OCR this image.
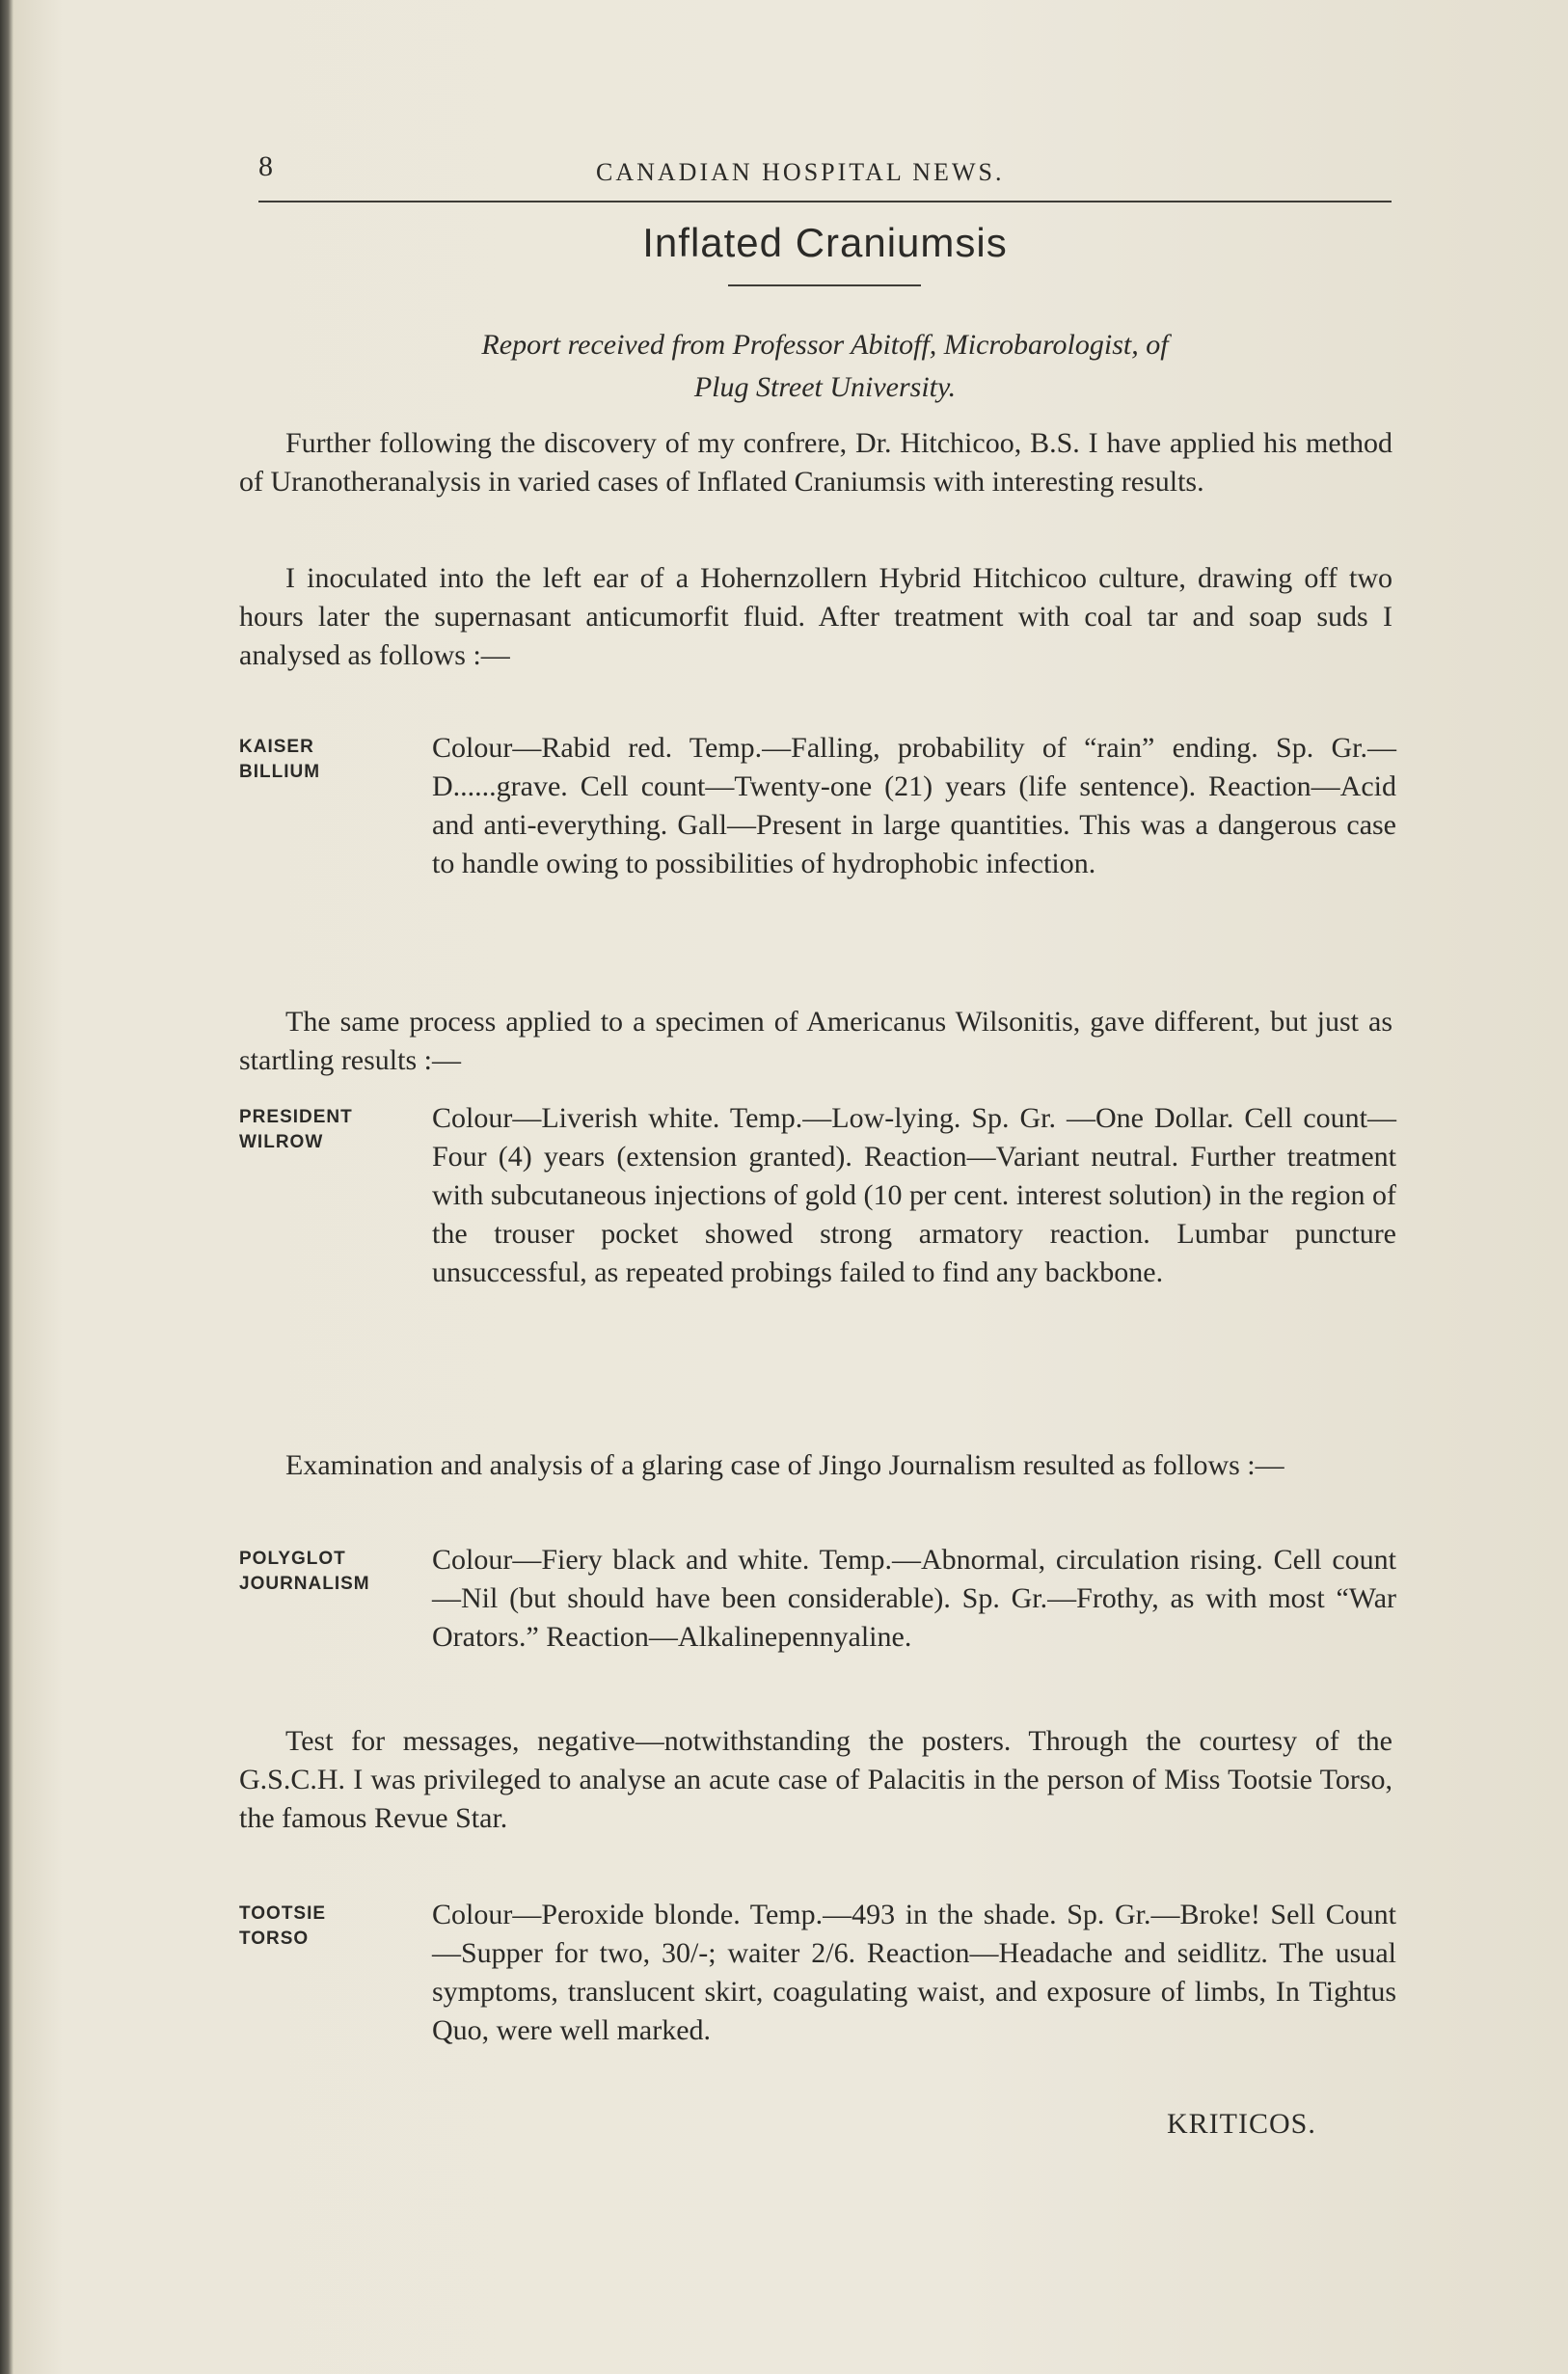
8	CANADIAN HOSPITAL NEWS.
Inflated Craniumsis
Report received from Professor Abitoff, Microbarologist, of
Plug Street University.

Further following the discovery of my confrere, Dr. Hitchicoo, B.S. I have applied his method of Uranotheranalysis in varied cases of Inflated Craniumsis with interesting results.

I inoculated into the left ear of a Hohernzollern Hybrid Hitchicoo culture, drawing off two hours later the supernasant anticumorfit fluid. After treatment with coal tar and soap suds I analysed as follows :—

KAISER
BILLIUM

Colour—Rabid red. Temp.—Falling, probability of “rain” ending. Sp. Gr.—D......grave. Cell count—Twenty-one (21) years (life sentence). Reaction—Acid and anti-everything. Gall—Present in large quantities. This was a dangerous case to handle owing to possibilities of hydrophobic infection.

The same process applied to a specimen of Americanus Wilsonitis, gave different, but just as startling results :—

PRESIDENT
WILROW

Colour—Liverish white. Temp.—Low-lying. Sp. Gr. —One Dollar. Cell count—Four (4) years (extension granted). Reaction—Variant neutral. Further treatment with subcutaneous injections of gold (10 per cent. interest solution) in the region of the trouser pocket showed strong armatory reaction. Lumbar puncture unsuccessful, as repeated probings failed to find any backbone.

Examination and analysis of a glaring case of Jingo Journalism resulted as follows :—

POLYGLOT
JOURNALISM

Colour—Fiery black and white. Temp.—Abnormal, circulation rising. Cell count—Nil (but should have been considerable). Sp. Gr.—Frothy, as with most “War Orators.” Reaction—Alkalinepennyaline.

Test for messages, negative—notwithstanding the posters. Through the courtesy of the G.S.C.H. I was privileged to analyse an acute case of Palacitis in the person of Miss Tootsie Torso, the famous Revue Star.

TOOTSIE
TORSO

Colour—Peroxide blonde. Temp.—493 in the shade. Sp. Gr.—Broke! Sell Count—Supper for two, 30/-; waiter 2/6. Reaction—Headache and seidlitz. The usual symptoms, translucent skirt, coagulating waist, and exposure of limbs, In Tightus Quo, were well marked.

KRITICOS.
